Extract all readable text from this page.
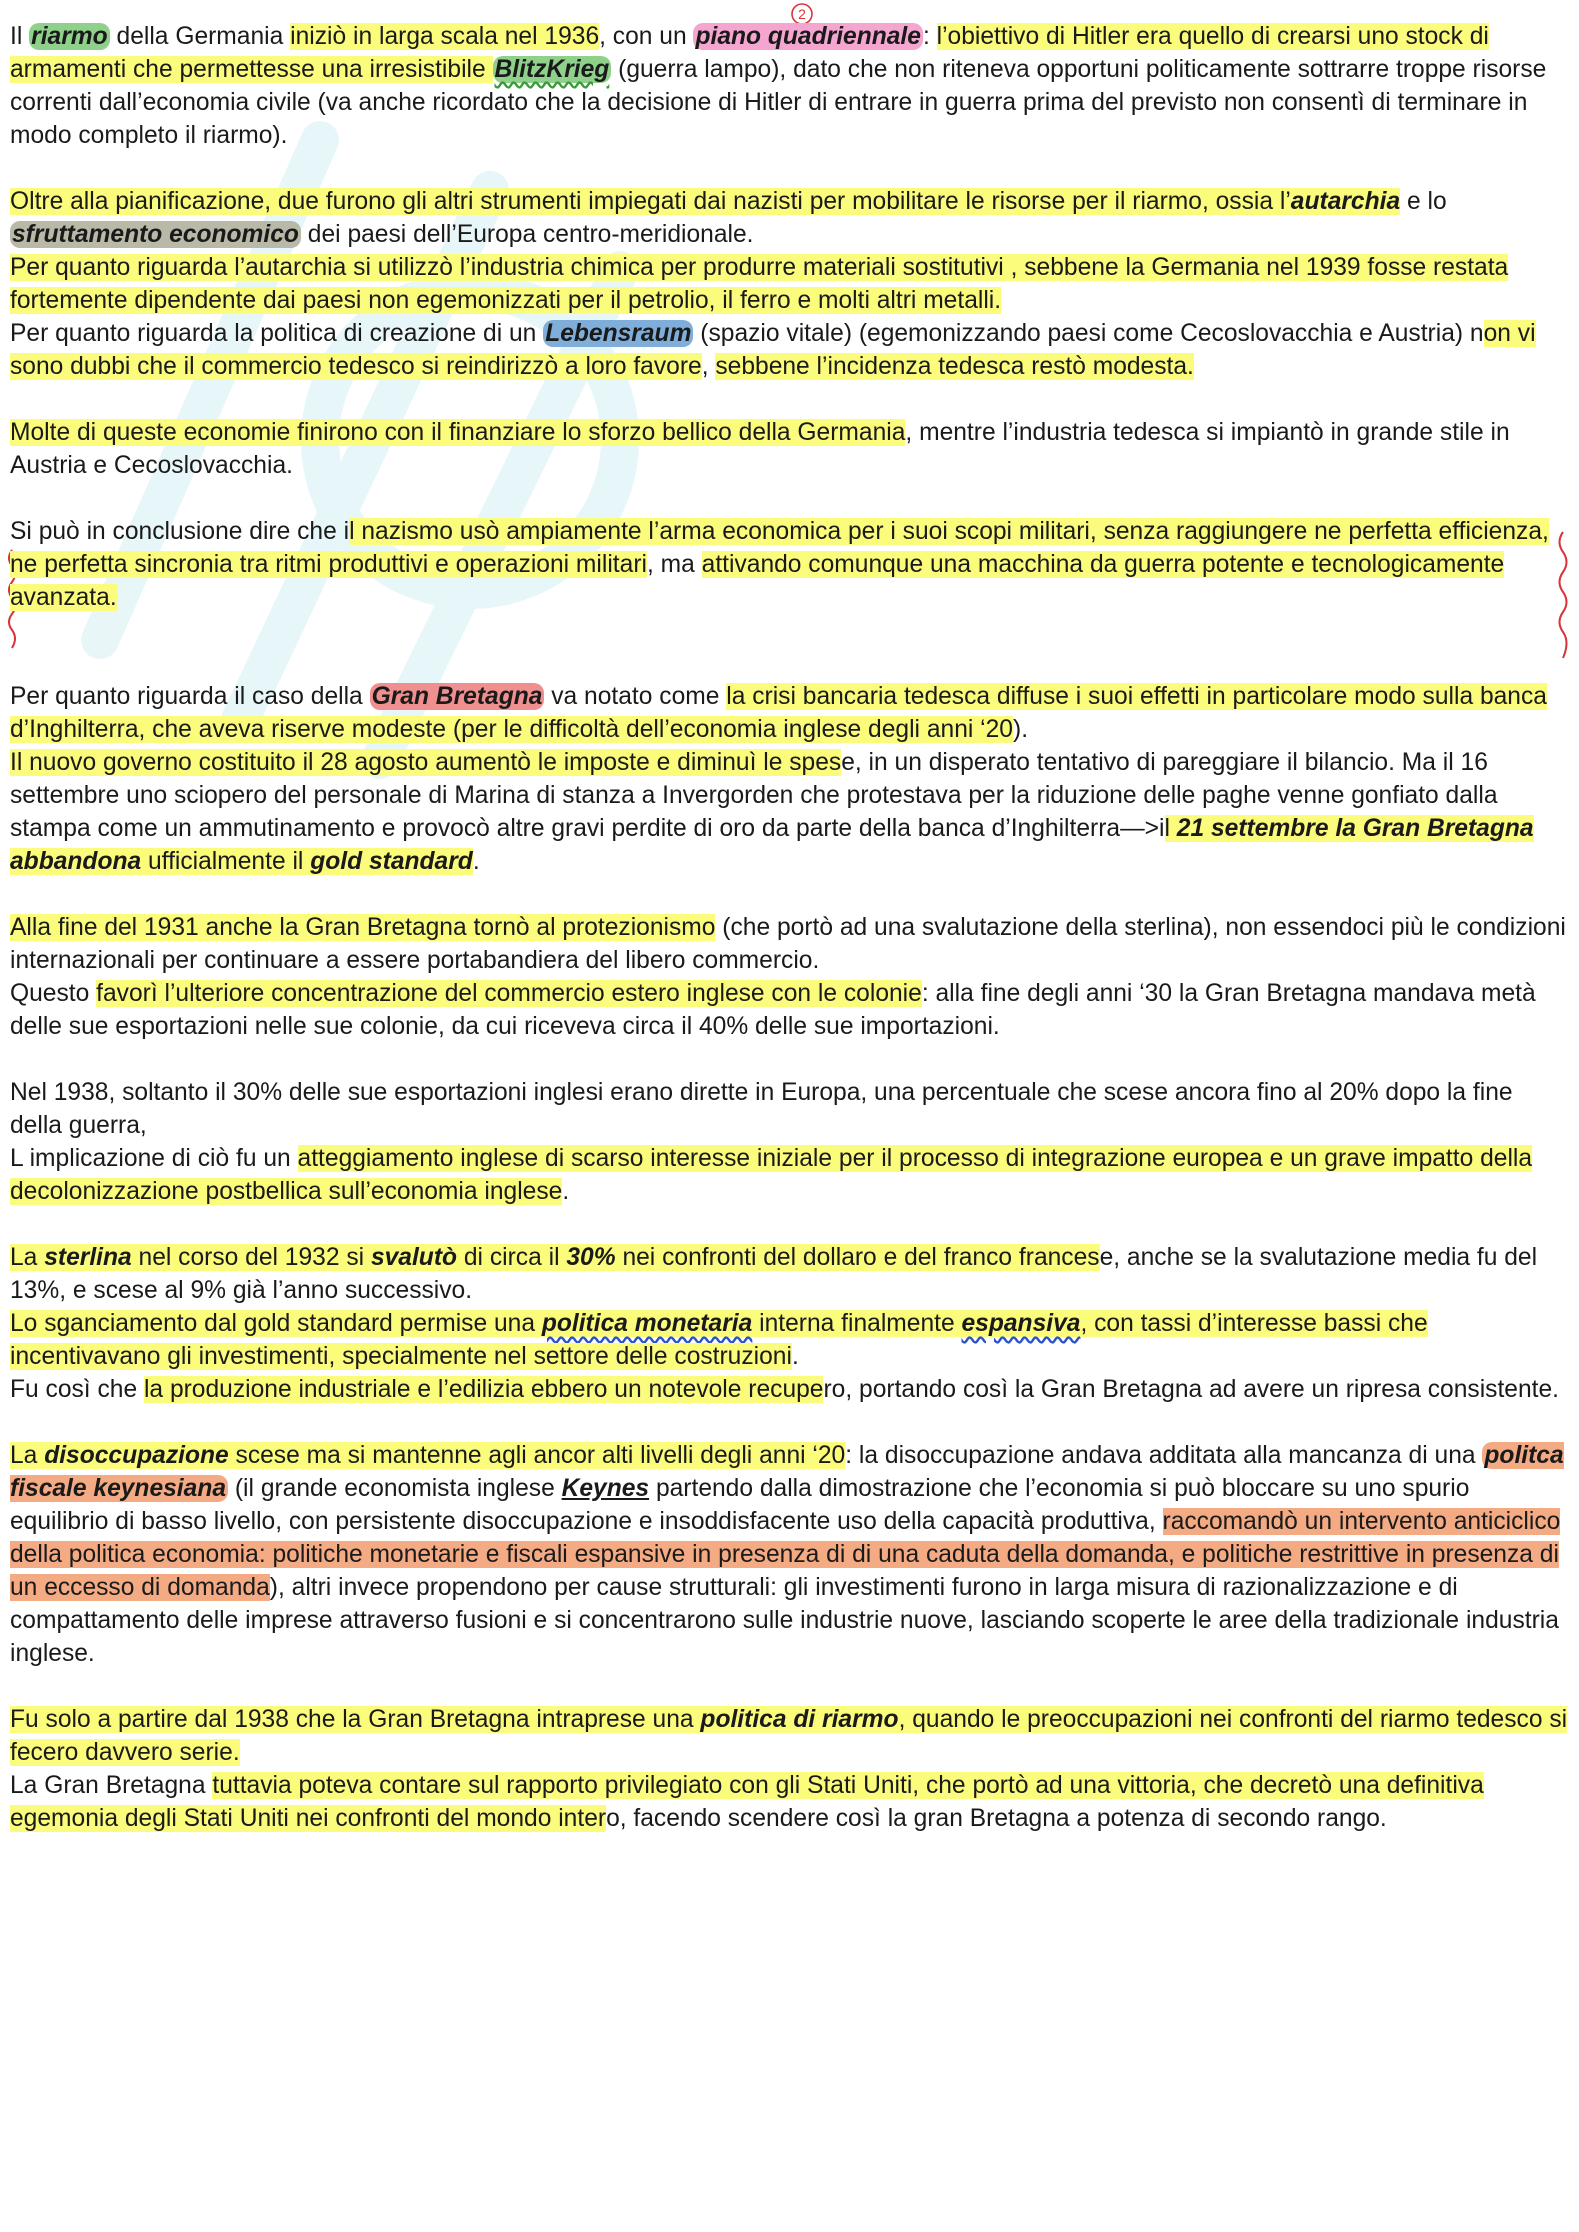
2

Il riarmo della Germania iniziò in larga scala nel 1936, con un piano quadriennale: l’obiettivo di Hitler era quello di crearsi uno stock di armamenti che permettesse una irresistibile BlitzKrieg (guerra lampo), dato che non riteneva opportuni politicamente sottrarre troppe risorse correnti dall’economia civile (va anche ricordato che la decisione di Hitler di entrare in guerra prima del previsto non consentì di terminare in modo completo il riarmo).

Oltre alla pianificazione, due furono gli altri strumenti impiegati dai nazisti per mobilitare le risorse per il riarmo, ossia l’autarchia e lo sfruttamento economico dei paesi dell’Europa centro-meridionale.
Per quanto riguarda l’autarchia si utilizzò l’industria chimica per produrre materiali sostitutivi , sebbene la Germania nel 1939 fosse restata fortemente dipendente dai paesi non egemonizzati per il petrolio, il ferro e molti altri metalli.
Per quanto riguarda la politica di creazione di un Lebensraum (spazio vitale) (egemonizzando paesi come Cecoslovacchia e Austria) non vi sono dubbi che il commercio tedesco si reindirizzò a loro favore, sebbene l’incidenza tedesca restò modesta.

Molte di queste economie finirono con il finanziare lo sforzo bellico della Germania, mentre l’industria tedesca si impiantò in grande stile in Austria e Cecoslovacchia.

Si può in conclusione dire che il nazismo usò ampiamente l’arma economica per i suoi scopi militari, senza raggiungere ne perfetta efficienza, ne perfetta sincronia tra ritmi produttivi e operazioni militari, ma attivando comunque una macchina da guerra potente e tecnologicamente avanzata.

Per quanto riguarda il caso della Gran Bretagna va notato come la crisi bancaria tedesca diffuse i suoi effetti in particolare modo sulla banca d’Inghilterra, che aveva riserve modeste (per le difficoltà dell’economia inglese degli anni ‘20).
Il nuovo governo costituito il 28 agosto aumentò le imposte e diminuì le spese, in un disperato tentativo di pareggiare il bilancio. Ma il 16 settembre uno sciopero del personale di Marina di stanza a Invergorden che protestava per la riduzione delle paghe venne gonfiato dalla stampa come un ammutinamento e provocò altre gravi perdite di oro da parte della banca d’Inghilterra—>il 21 settembre la Gran Bretagna abbandona ufficialmente il gold standard.

Alla fine del 1931 anche la Gran Bretagna tornò al protezionismo (che portò ad una svalutazione della sterlina), non essendoci più le condizioni internazionali per continuare a essere portabandiera del libero commercio.
Questo favorì l’ulteriore concentrazione del commercio estero inglese con le colonie: alla fine degli anni ‘30 la Gran Bretagna mandava metà delle sue esportazioni nelle sue colonie, da cui riceveva circa il 40% delle sue importazioni.

Nel 1938, soltanto il 30% delle sue esportazioni inglesi erano dirette in Europa, una percentuale che scese ancora fino al 20% dopo la fine della guerra,
L implicazione di ciò fu un atteggiamento inglese di scarso interesse iniziale per il processo di integrazione europea e un grave impatto della decolonizzazione postbellica sull’economia inglese.

La sterlina nel corso del 1932 si svalutò di circa il 30% nei confronti del dollaro e del franco francese, anche se la svalutazione media fu del 13%, e scese al 9% già l’anno successivo.
Lo sganciamento dal gold standard permise una politica monetaria interna finalmente espansiva, con tassi d’interesse bassi che incentivavano gli investimenti, specialmente nel settore delle costruzioni.
Fu così che la produzione industriale e l’edilizia ebbero un notevole recupero, portando così la Gran Bretagna ad avere un ripresa consistente.

La disoccupazione scese ma si mantenne agli ancor alti livelli degli anni ‘20: la disoccupazione andava additata alla mancanza di una politca fiscale keynesiana (il grande economista inglese Keynes partendo dalla dimostrazione che l’economia si può bloccare su uno spurio equilibrio di basso livello, con persistente disoccupazione e insoddisfacente uso della capacità produttiva, raccomandò un intervento anticiclico della politica economia: politiche monetarie e fiscali espansive in presenza di di una caduta della domanda, e politiche restrittive in presenza di un eccesso di domanda), altri invece propendono per cause strutturali: gli investimenti furono in larga misura di razionalizzazione e di compattamento delle imprese attraverso fusioni e si concentrarono sulle industrie nuove, lasciando scoperte le aree della tradizionale industria inglese.

Fu solo a partire dal 1938 che la Gran Bretagna intraprese una politica di riarmo, quando le preoccupazioni nei confronti del riarmo tedesco si fecero davvero serie.
La Gran Bretagna tuttavia poteva contare sul rapporto privilegiato con gli Stati Uniti, che portò ad una vittoria, che decretò una definitiva egemonia degli Stati Uniti nei confronti del mondo intero, facendo scendere così la gran Bretagna a potenza di secondo rango.
